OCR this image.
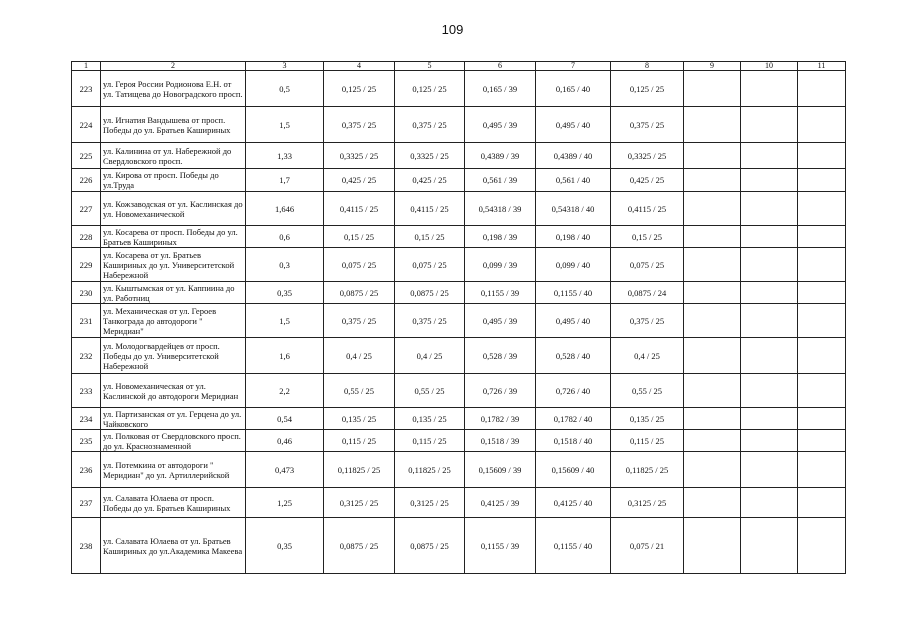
109
1	2	3	4	5	6	7	8	9	10	11
223	ул. Героя России Родионова Е.Н. от ул. Татищева до Новоградского просп.	0,5	0,125 / 25	0,125 / 25	0,165 / 39	0,165 / 40	0,125 / 25			
224	ул. Игнатия Вандышева от просп. Победы до ул. Братьев Кашириных	1,5	0,375 / 25	0,375 / 25	0,495 / 39	0,495 / 40	0,375 / 25			
225	ул. Калинина от ул. Набережной до Свердловского просп.	1,33	0,3325 / 25	0,3325 / 25	0,4389 / 39	0,4389 / 40	0,3325 / 25			
226	ул. Кирова от просп. Победы до ул.Труда	1,7	0,425 / 25	0,425 / 25	0,561 / 39	0,561 / 40	0,425 / 25			
227	ул. Кожзаводская от ул. Каслинская до ул. Новомеханической	1,646	0,4115 / 25	0,4115 / 25	0,54318 / 39	0,54318 / 40	0,4115 / 25			
228	ул. Косарева от просп. Победы до ул. Братьев Кашириных	0,6	0,15 / 25	0,15 / 25	0,198 / 39	0,198 / 40	0,15 / 25			
229	ул. Косарева от ул. Братьев Кашириных до ул. Университетской Набережной	0,3	0,075 / 25	0,075 / 25	0,099 / 39	0,099 / 40	0,075 / 25			
230	ул. Кыштымская от ул. Каппиина до ул. Работниц	0,35	0,0875 / 25	0,0875 / 25	0,1155 / 39	0,1155 / 40	0,0875 / 24			
231	ул. Механическая от ул. Героев Танкограда до автодороги " Меридиан"	1,5	0,375 / 25	0,375 / 25	0,495 / 39	0,495 / 40	0,375 / 25			
232	ул. Молодогвардейцев от просп. Победы до ул. Университетской Набережной	1,6	0,4 / 25	0,4 / 25	0,528 / 39	0,528 / 40	0,4 / 25			
233	ул. Новомеханическая от ул. Каслинской до автодороги Меридиан	2,2	0,55 / 25	0,55 / 25	0,726 / 39	0,726 / 40	0,55 / 25			
234	ул. Партизанская от ул. Герцена до ул. Чайковского	0,54	0,135 / 25	0,135 / 25	0,1782 / 39	0,1782 / 40	0,135 / 25			
235	ул. Полковая от Свердловского просп. до ул. Краснознаменной	0,46	0,115 / 25	0,115 / 25	0,1518 / 39	0,1518 / 40	0,115 / 25			
236	ул. Потемкина от автодороги " Меридиан" до ул. Артиллерийской	0,473	0,11825 / 25	0,11825 / 25	0,15609 / 39	0,15609 / 40	0,11825 / 25			
237	ул. Салавата Юлаева от просп. Победы до ул. Братьев Кашириных	1,25	0,3125 / 25	0,3125 / 25	0,4125 / 39	0,4125 / 40	0,3125 / 25			
238	ул. Салавата Юлаева от ул. Братьев Кашириных до ул.Академика Макеева	0,35	0,0875 / 25	0,0875 / 25	0,1155 / 39	0,1155 / 40	0,075 / 21			
